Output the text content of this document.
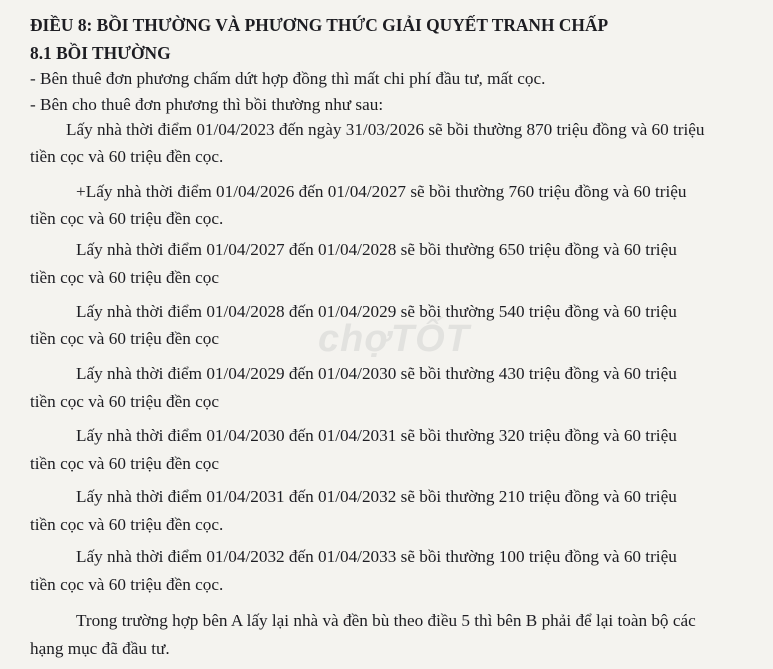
ĐIỀU 8: BỒI THƯỜNG VÀ PHƯƠNG THỨC GIẢI QUYẾT TRANH CHẤP
8.1 BỒI THƯỜNG
- Bên thuê đơn phương chấm dứt hợp đồng thì mất chi phí đầu tư, mất cọc.
- Bên cho thuê đơn phương thì bồi thường như sau:
Lấy nhà thời điểm 01/04/2023 đến ngày 31/03/2026 sẽ bồi thường 870 triệu đồng và 60 triệu
tiền cọc và 60 triệu đền cọc.
+Lấy nhà thời điểm 01/04/2026 đến 01/04/2027 sẽ bồi thường 760 triệu đồng và 60 triệu
tiền cọc và 60 triệu đền cọc.
Lấy nhà thời điểm 01/04/2027 đến 01/04/2028 sẽ bồi thường 650 triệu đồng và 60 triệu
tiền cọc và 60 triệu đền cọc
Lấy nhà thời điểm 01/04/2028 đến 01/04/2029 sẽ bồi thường 540 triệu đồng và 60 triệu
tiền cọc và 60 triệu đền cọc
Lấy nhà thời điểm 01/04/2029 đến 01/04/2030 sẽ bồi thường 430 triệu đồng và 60 triệu
tiền cọc và 60 triệu đền cọc
Lấy nhà thời điểm 01/04/2030 đến 01/04/2031 sẽ bồi thường 320 triệu đồng và 60 triệu
tiền cọc và 60 triệu đền cọc
Lấy nhà thời điểm 01/04/2031 đến 01/04/2032 sẽ bồi thường 210 triệu đồng và 60 triệu
tiền cọc và 60 triệu đền cọc.
Lấy nhà thời điểm 01/04/2032 đến 01/04/2033 sẽ bồi thường 100 triệu đồng và 60 triệu
tiền cọc và 60 triệu đền cọc.
Trong trường hợp bên A lấy lại nhà và đền bù theo điều 5 thì bên B phải để lại toàn bộ các
hạng mục đã đầu tư.
chợTỐT
